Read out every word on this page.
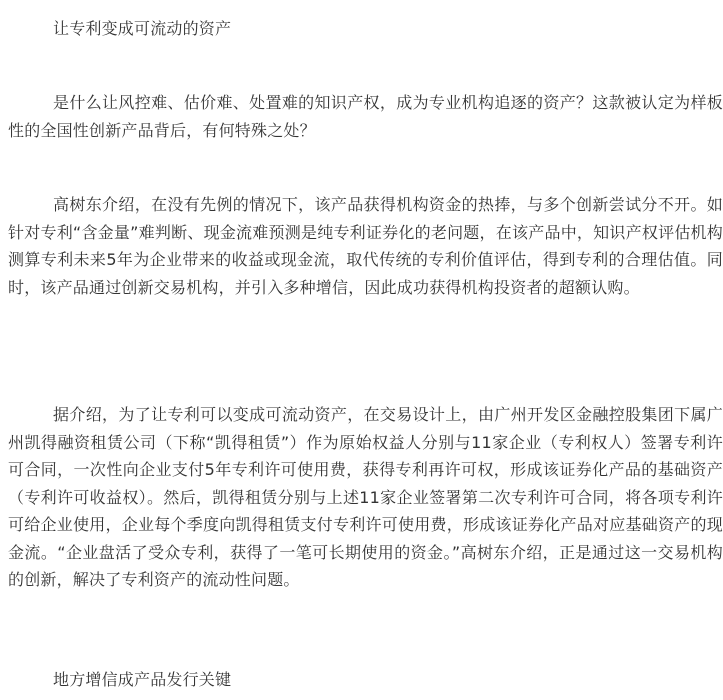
让专利变成可流动的资产

是什么让风控难、估价难、处置难的知识产权，成为专业机构追逐的资产？这款被认定为样板性的全国性创新产品背后，有何特殊之处？

高树东介绍，在没有先例的情况下，该产品获得机构资金的热捧，与多个创新尝试分不开。如针对专利“含金量”难判断、现金流难预测是纯专利证券化的老问题，在该产品中，知识产权评估机构测算专利未来5年为企业带来的收益或现金流，取代传统的专利价值评估，得到专利的合理估值。同时，该产品通过创新交易机构，并引入多种增信，因此成功获得机构投资者的超额认购。

据介绍，为了让专利可以变成可流动资产，在交易设计上，由广州开发区金融控股集团下属广州凯得融资租赁公司（下称“凯得租赁”）作为原始权益人分别与11家企业（专利权人）签署专利许可合同，一次性向企业支付5年专利许可使用费，获得专利再许可权，形成该证券化产品的基础资产（专利许可收益权）。然后，凯得租赁分别与上述11家企业签署第二次专利许可合同，将各项专利许可给企业使用，企业每个季度向凯得租赁支付专利许可使用费，形成该证券化产品对应基础资产的现金流。“企业盘活了受众专利，获得了一笔可长期使用的资金。”高树东介绍，正是通过这一交易机构的创新，解决了专利资产的流动性问题。

地方增信成产品发行关键
